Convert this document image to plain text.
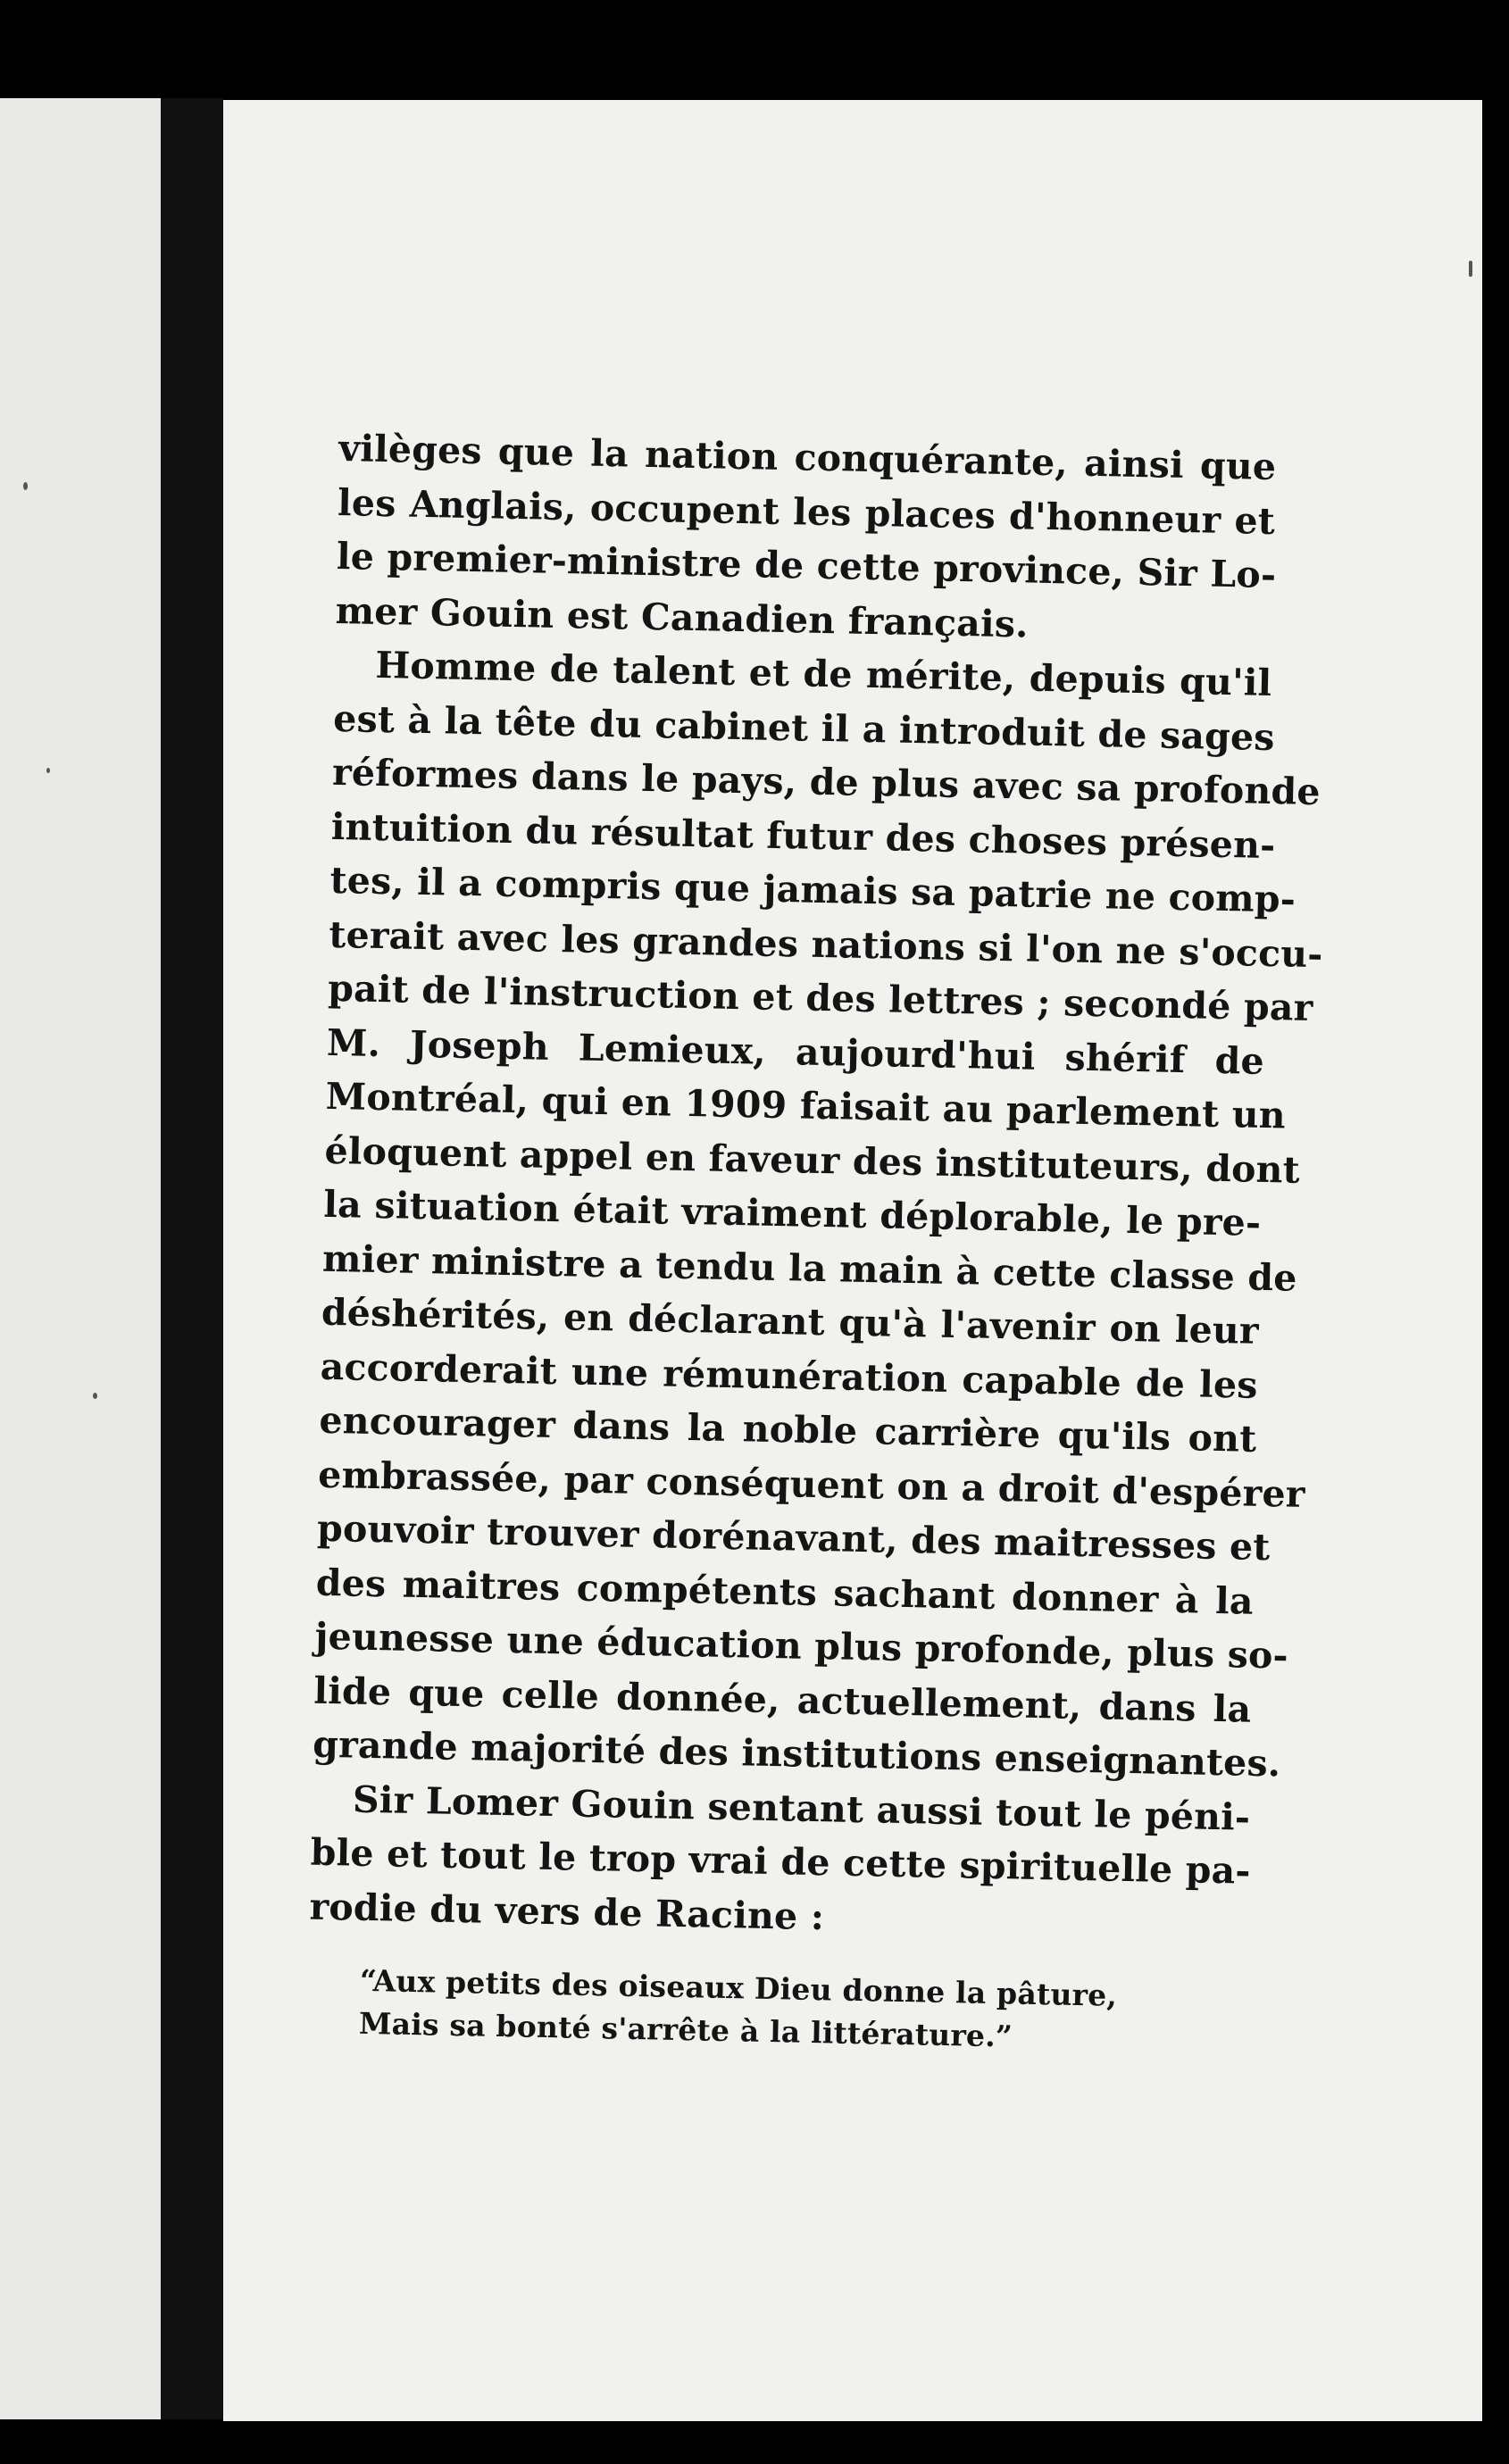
vilèges que la nation conquérante, ainsi que
les Anglais, occupent les places d'honneur et
le premier-ministre de cette province, Sir Lo-
mer Gouin est Canadien français.
Homme de talent et de mérite, depuis qu'il
est à la tête du cabinet il a introduit de sages
réformes dans le pays, de plus avec sa profonde
intuition du résultat futur des choses présen-
tes, il a compris que jamais sa patrie ne comp-
terait avec les grandes nations si l'on ne s'occu-
pait de l'instruction et des lettres ; secondé par
M. Joseph Lemieux, aujourd'hui shérif de
Montréal, qui en 1909 faisait au parlement un
éloquent appel en faveur des instituteurs, dont
la situation était vraiment déplorable, le pre-
mier ministre a tendu la main à cette classe de
déshérités, en déclarant qu'à l'avenir on leur
accorderait une rémunération capable de les
encourager dans la noble carrière qu'ils ont
embrassée, par conséquent on a droit d'espérer
pouvoir trouver dorénavant, des maitresses et
des maitres compétents sachant donner à la
jeunesse une éducation plus profonde, plus so-
lide que celle donnée, actuellement, dans la
grande majorité des institutions enseignantes.
Sir Lomer Gouin sentant aussi tout le péni-
ble et tout le trop vrai de cette spirituelle pa-
rodie du vers de Racine :
“Aux petits des oiseaux Dieu donne la pâture,
Mais sa bonté s'arrête à la littérature.”
